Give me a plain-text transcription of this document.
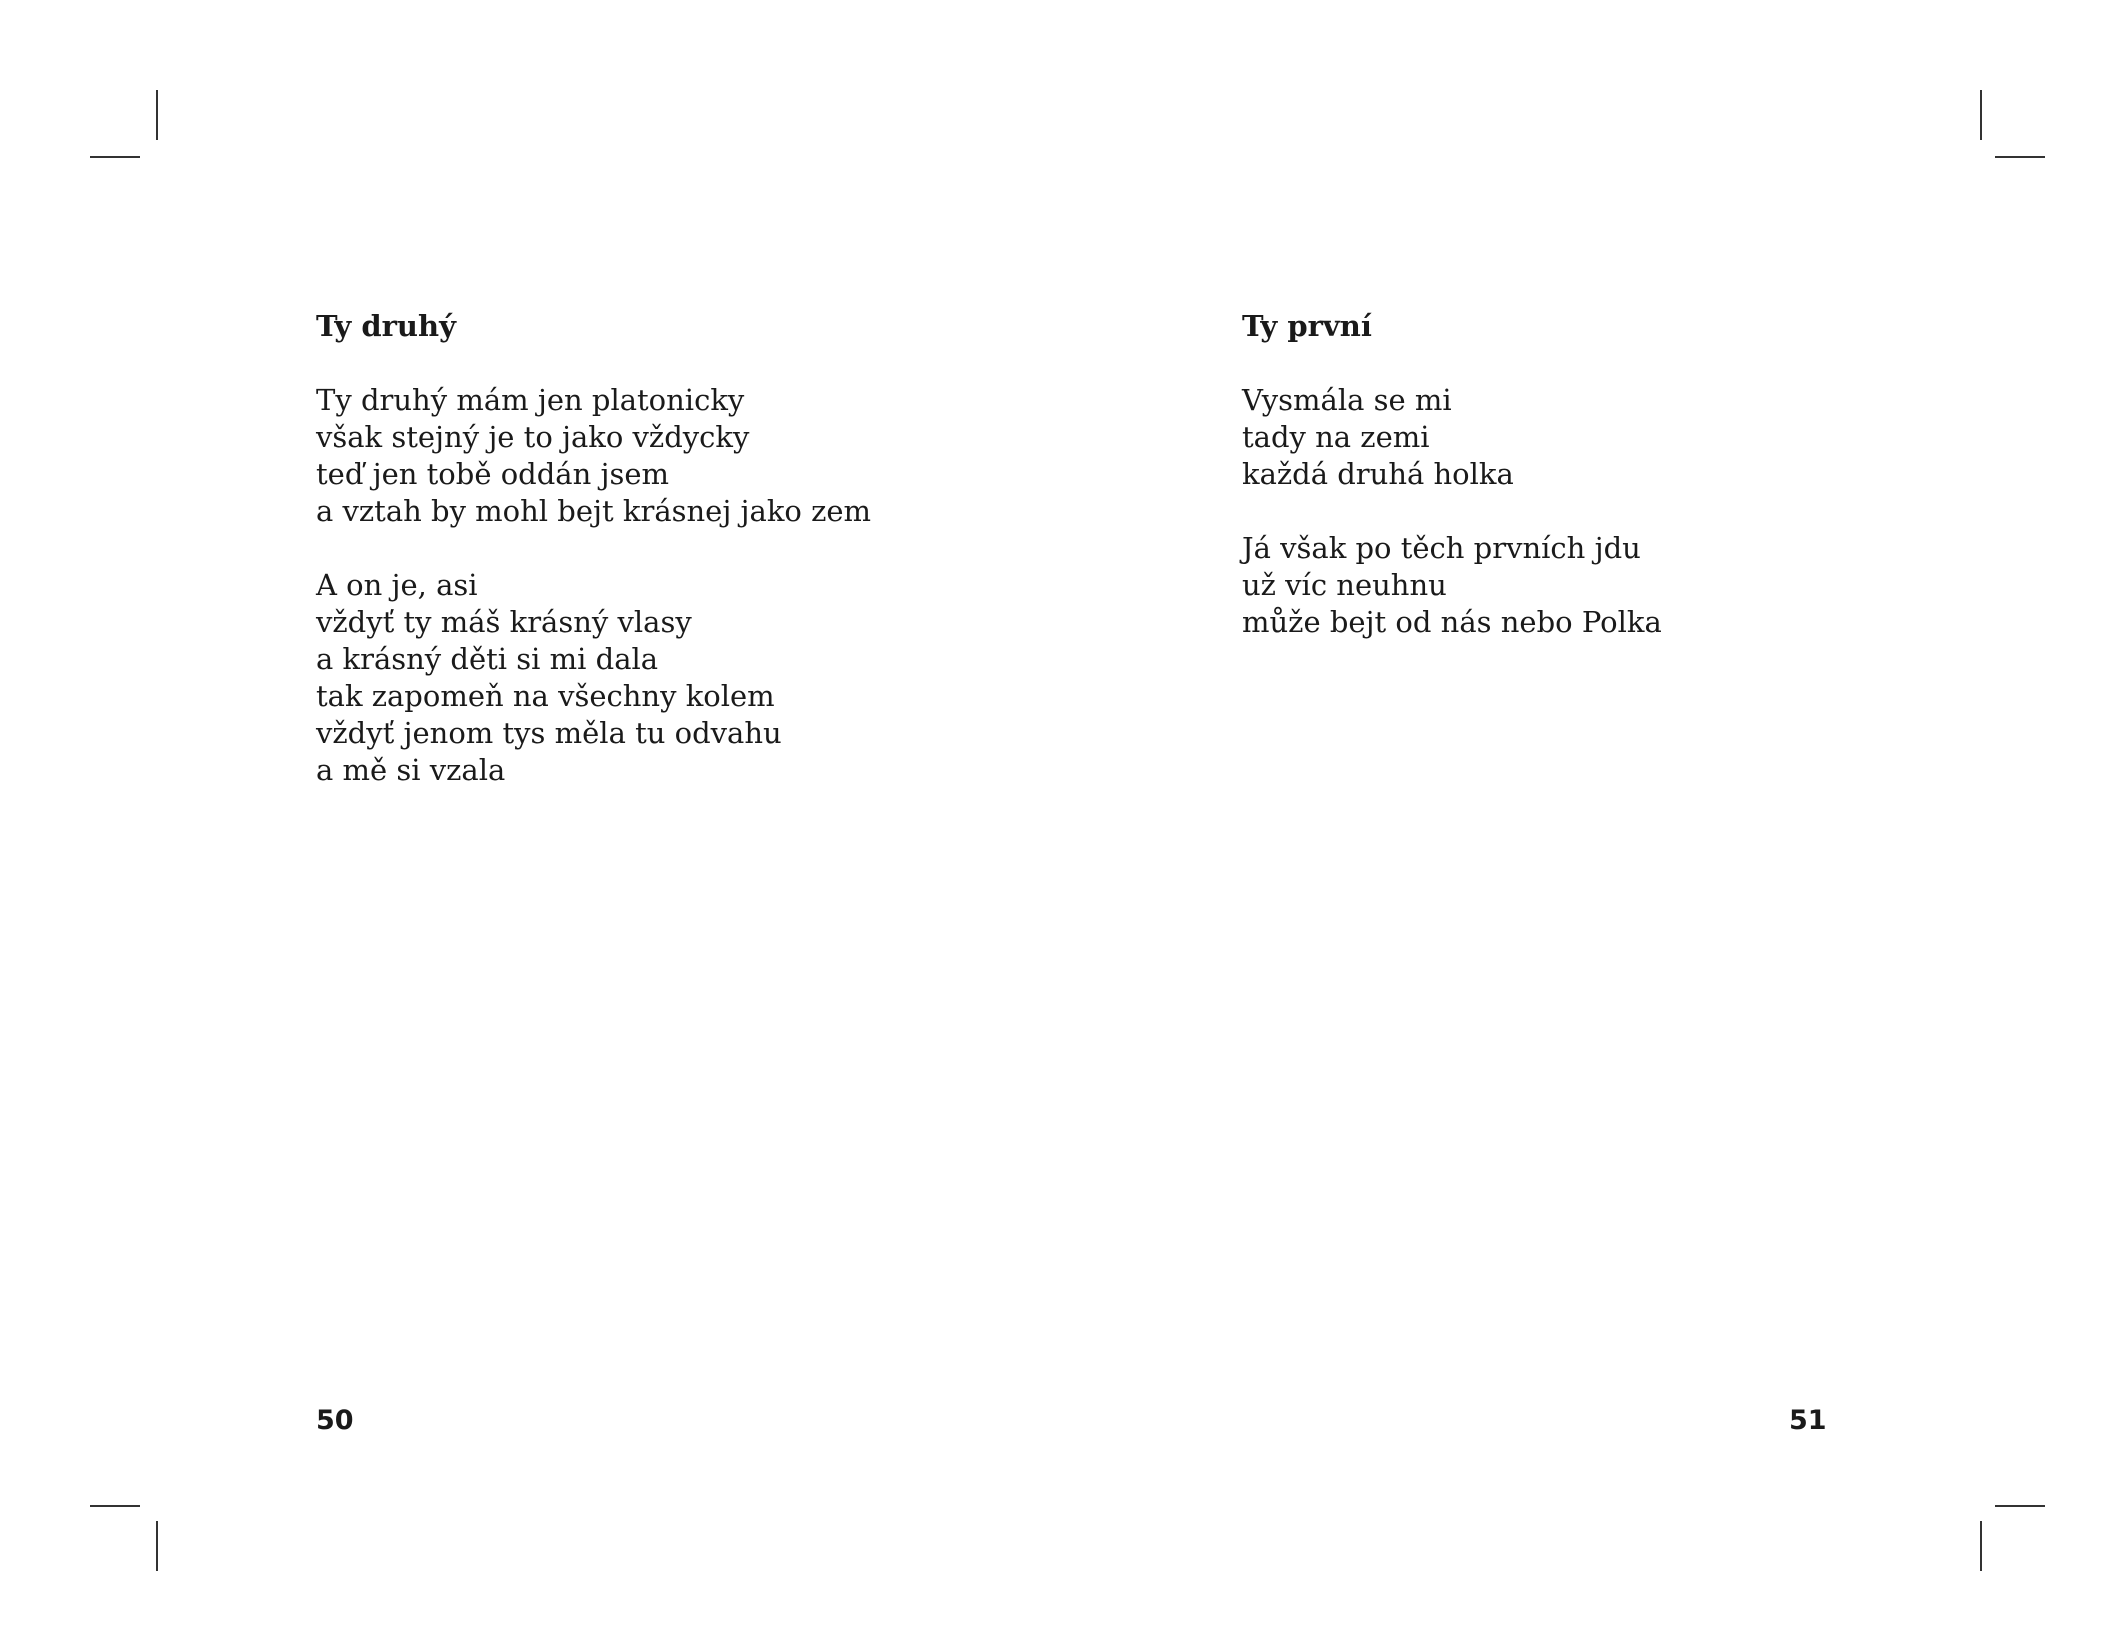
Ty druhý

Ty druhý mám jen platonicky
však stejný je to jako vždycky
teď jen tobě oddán jsem
a vztah by mohl bejt krásnej jako zem

A on je, asi
vždyť ty máš krásný vlasy
a krásný děti si mi dala
tak zapomeň na všechny kolem
vždyť jenom tys měla tu odvahu
a mě si vzala

Ty první

Vysmála se mi
tady na zemi
každá druhá holka

Já však po těch prvních jdu
už víc neuhnu
může bejt od nás nebo Polka

50	51
